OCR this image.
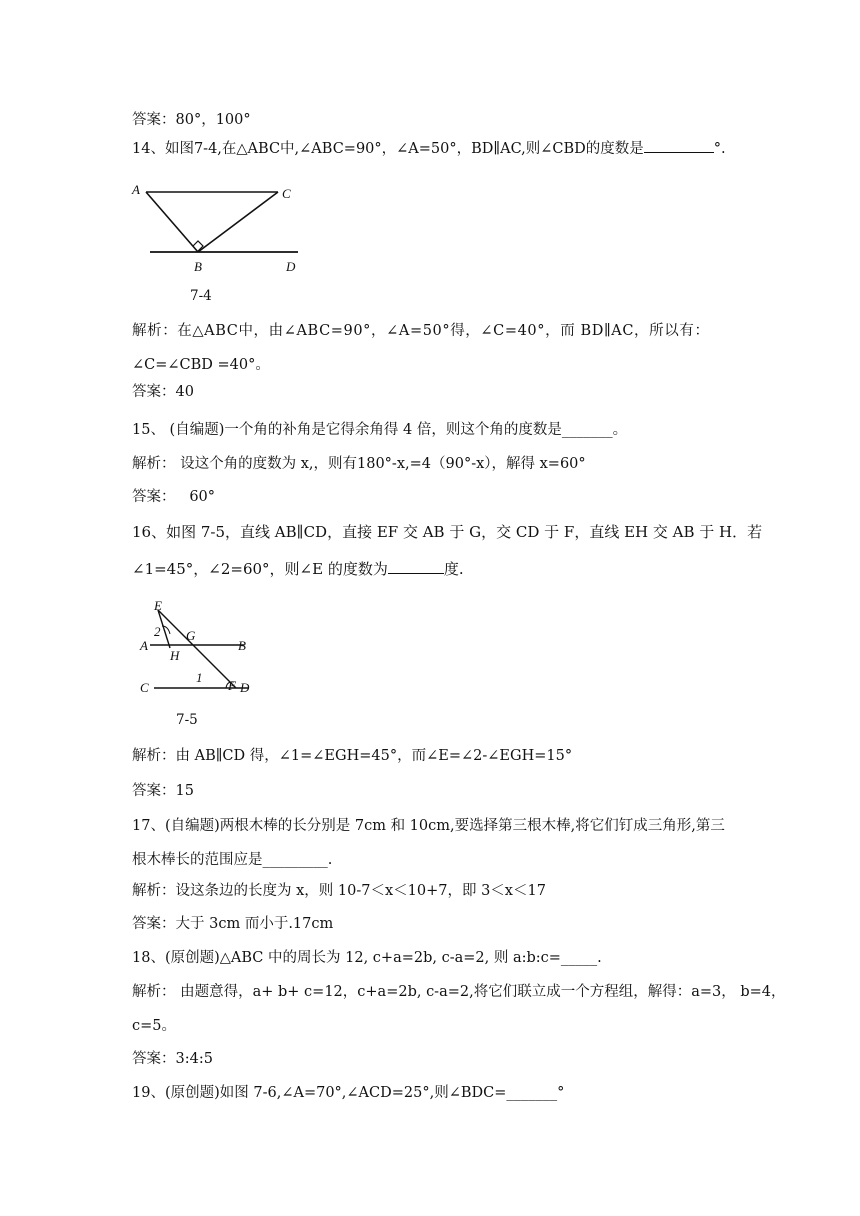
答案：80°，100°
14、如图7-4,在△ABC中,∠ABC=90°，∠A=50°，BD∥AC,则∠CBD的度数是	°.
A	C
B	D
7-4
解析：在△ABC中，由∠ABC=90°，∠A=50°得，∠C=40°，而 BD∥AC，所以有：
∠C=∠CBD =40°。
答案：40
15、 (自编题)一个角的补角是它得余角得 4 倍，则这个角的度数是_______。
解析： 设这个角的度数为 x,，则有180°-x,=4（90°-x），解得 x=60°
答案：   60°
16、如图 7-5，直线 AB∥CD，直接 EF 交 AB 于 G，交 CD 于 F，直线 EH 交 AB 于 H．若
∠1=45°，∠2=60°，则∠E 的度数为	度.
E
2 G
A
H
B
C
1
F D
7-5
解析：由 AB∥CD 得，∠1=∠EGH=45°，而∠E=∠2-∠EGH=15°
答案：15
17、(自编题)两根木棒的长分别是 7cm 和 10cm,要选择第三根木棒,将它们钉成三角形,第三
根木棒长的范围应是_________.
解析：设这条边的长度为 x，则 10-7＜x＜10+7，即 3＜x＜17
答案：大于 3cm 而小于.17cm
18、(原创题)△ABC 中的周长为 12, c+a=2b, c-a=2, 则 a:b:c=_____.
解析： 由题意得，a+ b+ c=12，c+a=2b, c-a=2,将它们联立成一个方程组，解得：a=3， b=4，
c=5。
答案：3:4:5
19、(原创题)如图 7-6,∠A=70°,∠ACD=25°,则∠BDC=_______°
